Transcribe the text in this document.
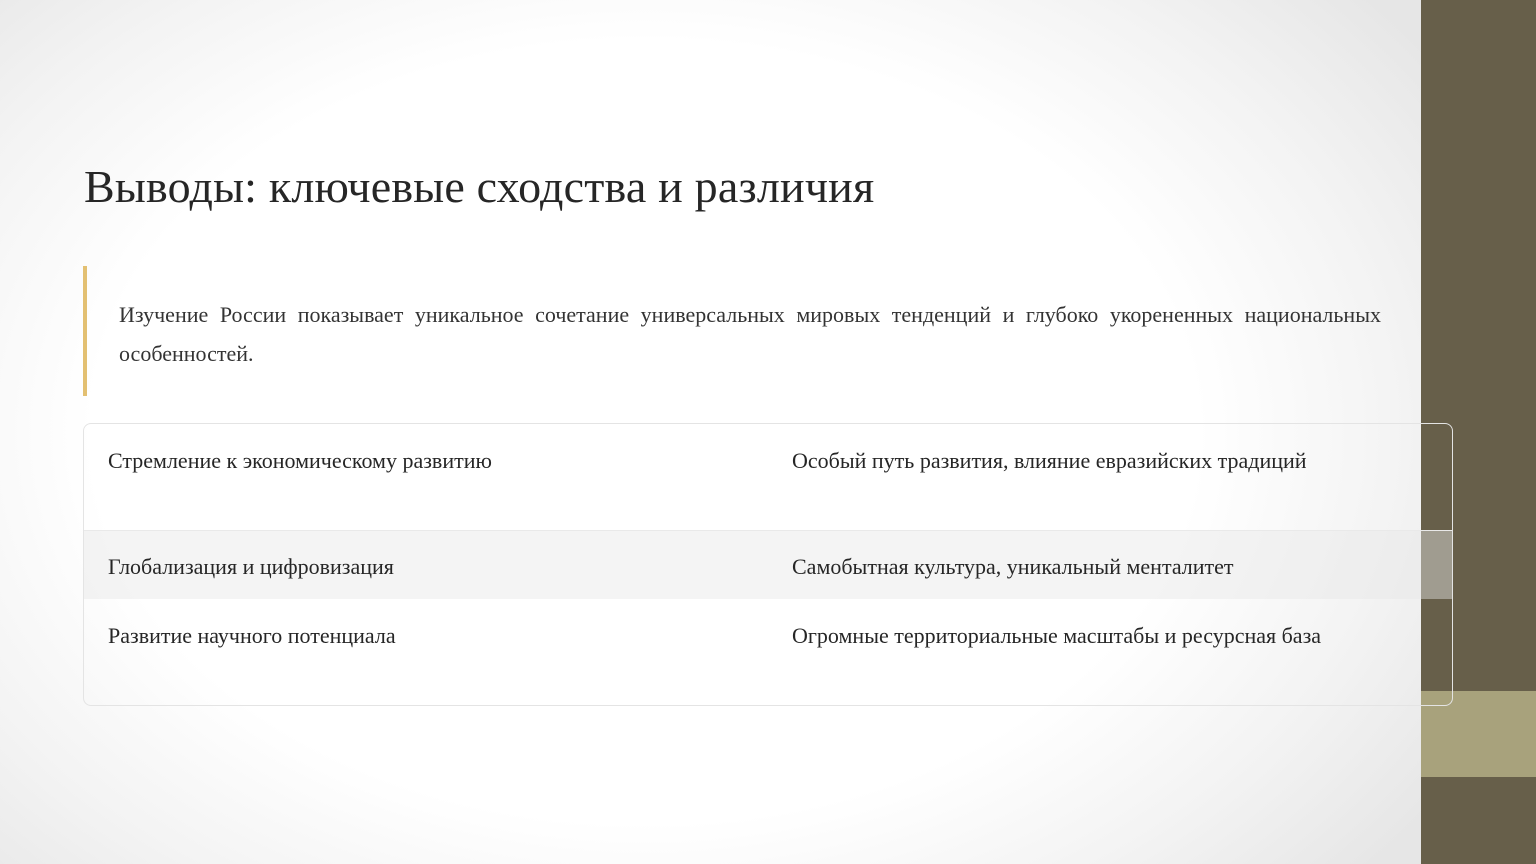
Выводы: ключевые сходства и различия

Изучение России показывает уникальное сочетание универсальных мировых тенденций и глубоко укорененных национальных особенностей.

Стремление к экономическому развитию	Особый путь развития, влияние евразийских традиций
Глобализация и цифровизация	Самобытная культура, уникальный менталитет
Развитие научного потенциала	Огромные территориальные масштабы и ресурсная база
